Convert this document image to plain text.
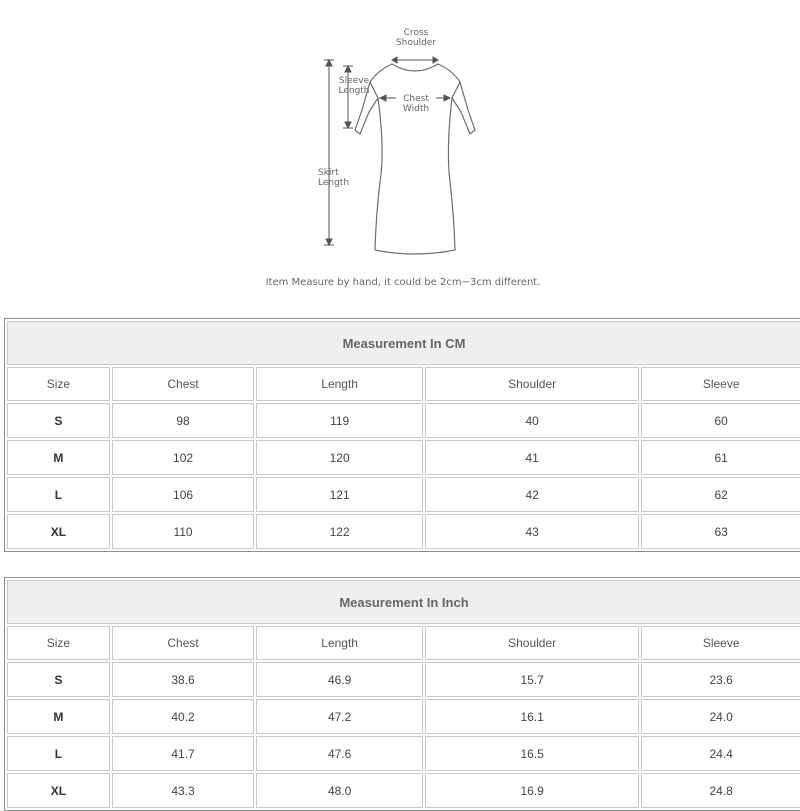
Cross
Shoulder
Sleeve
Length
Chest
Width
Skirt
Length
Item Measure by hand, it could be 2cm~3cm different.
Measurement In CM				
Size	Chest	Length	Shoulder	Sleeve
S	98	119	40	60
M	102	120	41	61
L	106	121	42	62
XL	110	122	43	63
Measurement In Inch				
Size	Chest	Length	Shoulder	Sleeve
S	38.6	46.9	15.7	23.6
M	40.2	47.2	16.1	24.0
L	41.7	47.6	16.5	24.4
XL	43.3	48.0	16.9	24.8
